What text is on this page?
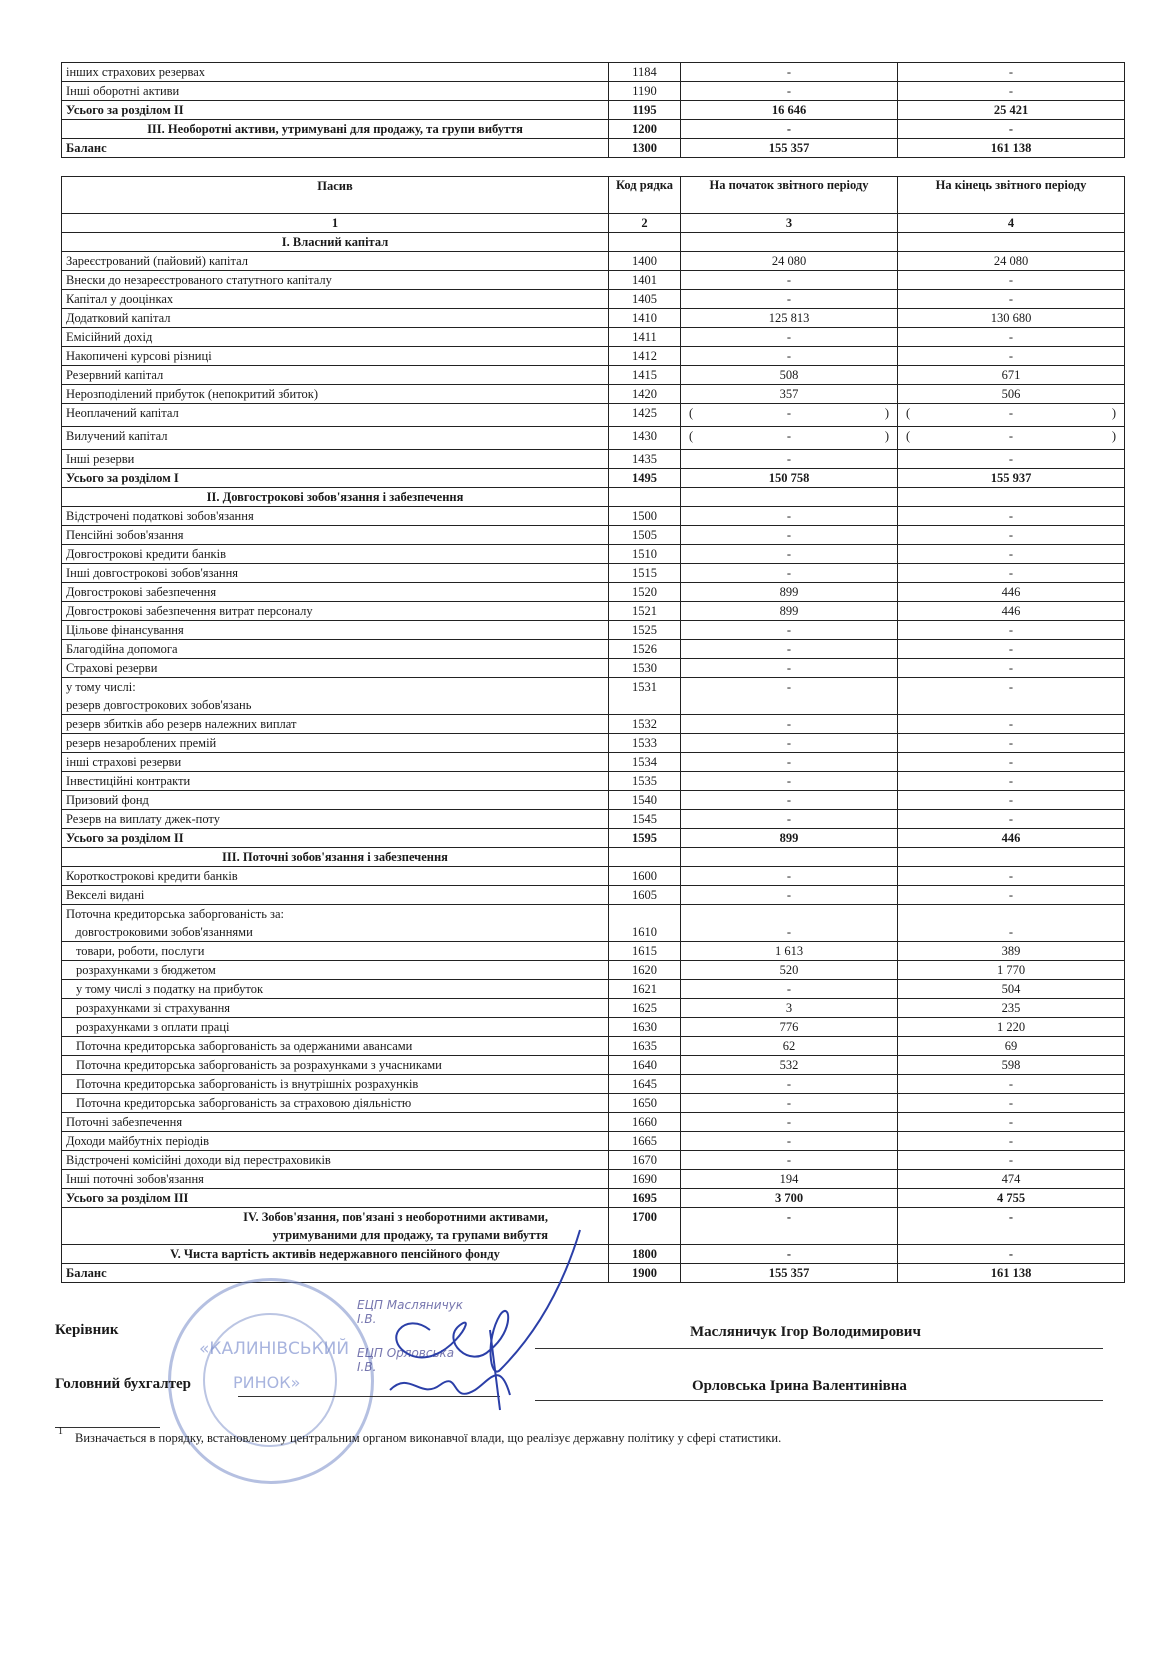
інших страхових резервах	1184	-	-
Інші оборотні активи	1190	-	-
Усього за розділом II	1195	16 646	25 421
III. Необоротні активи, утримувані для продажу, та групи вибуття	1200	-	-
Баланс	1300	155 357	161 138
Пасив	Код рядка	На початок звітного періоду	На кінець звітного періоду
1	2	3	4
I. Власний капітал			
Зареєстрований (пайовий) капітал	1400	24 080	24 080
Внески до незареєстрованого статутного капіталу	1401	-	-
Капітал у дооцінках	1405	-	-
Додатковий капітал	1410	125 813	130 680
Емісійний дохід	1411	-	-
Накопичені курсові різниці	1412	-	-
Резервний капітал	1415	508	671
Нерозподілений прибуток (непокритий збиток)	1420	357	506
Неоплачений капітал	1425	( - )	( - )

Вилучений капітал	1430	( - )	( - )

Інші резерви	1435	-	-
Усього за розділом I	1495	150 758	155 937
II. Довгострокові зобов'язання і забезпечення			
Відстрочені податкові зобов'язання	1500	-	-
Пенсійні зобов'язання	1505	-	-
Довгострокові кредити банків	1510	-	-
Інші довгострокові зобов'язання	1515	-	-
Довгострокові забезпечення	1520	899	446
Довгострокові забезпечення витрат персоналу	1521	899	446
Цільове фінансування	1525	-	-
Благодійна допомога	1526	-	-
Страхові резерви	1530	-	-
у тому числі:
резерв довгострокових зобов'язань	1531	-	-
резерв збитків або резерв належних виплат	1532	-	-
резерв незароблених премій	1533	-	-
інші страхові резерви	1534	-	-
Інвестиційні контракти	1535	-	-
Призовий фонд	1540	-	-
Резерв на виплату джек-поту	1545	-	-
Усього за розділом II	1595	899	446
III. Поточні зобов'язання і забезпечення			
Короткострокові кредити банків	1600	-	-
Векселі видані	1605	-	-
Поточна кредиторська заборгованість за:
довгостроковими зобов'язаннями	1610	-	-
товари, роботи, послуги	1615	1 613	389
розрахунками з бюджетом	1620	520	1 770
у тому числі з податку на прибуток	1621	-	504
розрахунками зі страхування	1625	3	235
розрахунками з оплати праці	1630	776	1 220
Поточна кредиторська заборгованість за одержаними авансами	1635	62	69
Поточна кредиторська заборгованість за розрахунками з учасниками	1640	532	598
Поточна кредиторська заборгованість із внутрішніх розрахунків	1645	-	-
Поточна кредиторська заборгованість за страховою діяльністю	1650	-	-
Поточні забезпечення	1660	-	-
Доходи майбутніх періодів	1665	-	-
Відстрочені комісійні доходи від перестраховиків	1670	-	-
Інші поточні зобов'язання	1690	194	474
Усього за розділом III	1695	3 700	4 755
IV. Зобов'язання, пов'язані з необоротними активами,
утримуваними для продажу, та групами вибуття	1700	-	-
V. Чиста вартість активів недержавного пенсійного фонду	1800	-	-
Баланс	1900	155 357	161 138
«КАЛИНІВСЬКИЙ
РИНОК»
Керівник
ЕЦП Масляничук
І.В.
Масляничук Ігор Володимирович
ЕЦП Орловська
І.В.
Головний бухгалтер	Орловська Ірина Валентинівна
1 Визначається в порядку, встановленому центральним органом виконавчої влади, що реалізує державну політику у сфері статистики.
